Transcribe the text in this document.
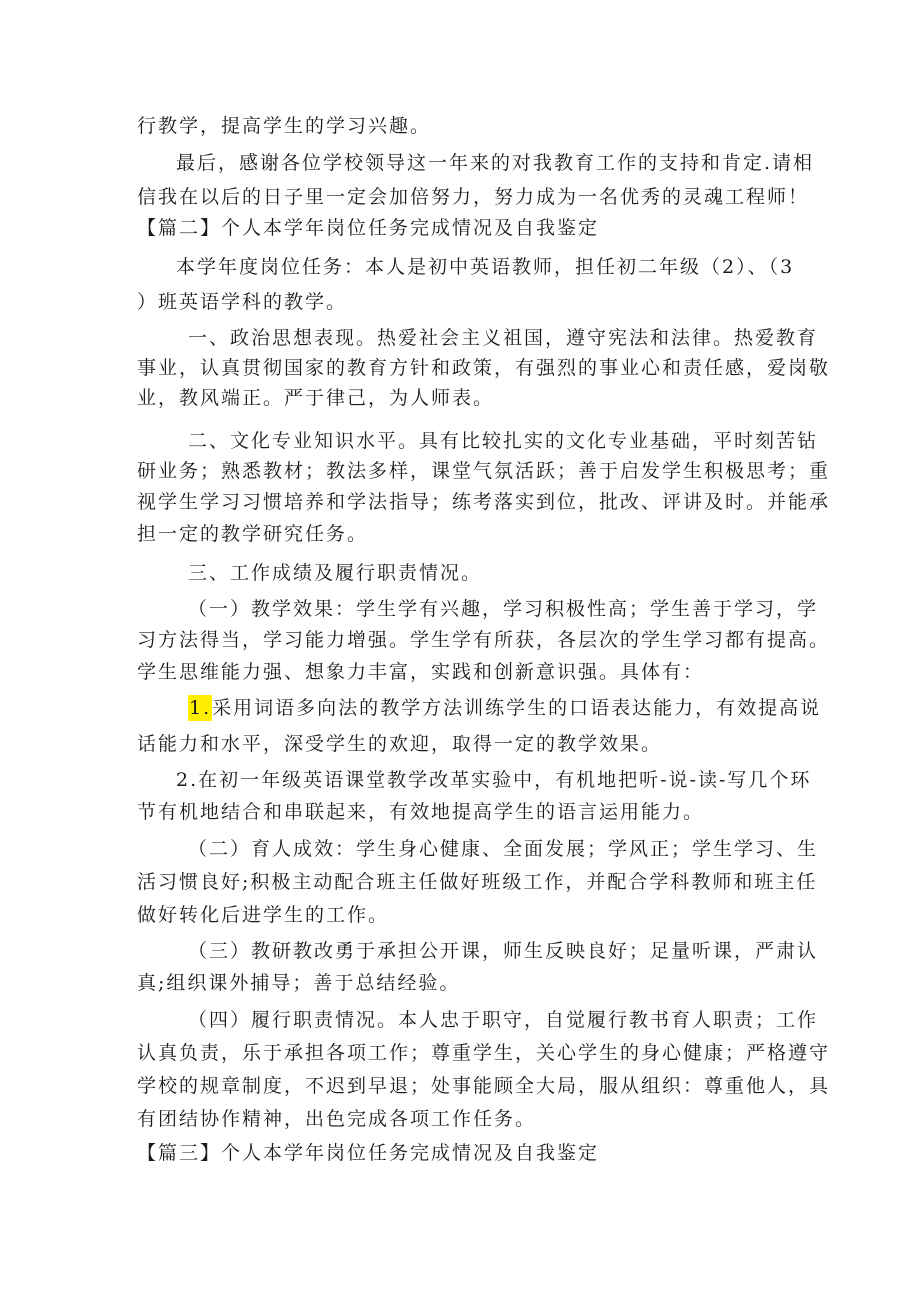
行教学，提高学生的学习兴趣。
最后，感谢各位学校领导这一年来的对我教育工作的支持和肯定.请相
信我在以后的日子里一定会加倍努力，努力成为一名优秀的灵魂工程师！
【篇二】个人本学年岗位任务完成情况及自我鉴定
本学年度岗位任务：本人是初中英语教师，担任初二年级（2）、（3
）班英语学科的教学。
一、政治思想表现。热爱社会主义祖国，遵守宪法和法律。热爱教育
事业，认真贯彻国家的教育方针和政策，有强烈的事业心和责任感，爱岗敬
业，教风端正。严于律己，为人师表。
二、文化专业知识水平。具有比较扎实的文化专业基础，平时刻苦钻
研业务；熟悉教材；教法多样，课堂气氛活跃；善于启发学生积极思考；重
视学生学习习惯培养和学法指导；练考落实到位，批改、评讲及时。并能承
担一定的教学研究任务。
三、工作成绩及履行职责情况。
（一）教学效果：学生学有兴趣，学习积极性高；学生善于学习，学
习方法得当，学习能力增强。学生学有所获，各层次的学生学习都有提高。
学生思维能力强、想象力丰富，实践和创新意识强。具体有：
1.采用词语多向法的教学方法训练学生的口语表达能力，有效提高说
话能力和水平，深受学生的欢迎，取得一定的教学效果。
2.在初一年级英语课堂教学改革实验中，有机地把听-说-读-写几个环
节有机地结合和串联起来，有效地提高学生的语言运用能力。
（二）育人成效：学生身心健康、全面发展；学风正；学生学习、生
活习惯良好;积极主动配合班主任做好班级工作，并配合学科教师和班主任
做好转化后进学生的工作。
（三）教研教改勇于承担公开课，师生反映良好；足量听课，严肃认
真;组织课外捕导；善于总结经验。
（四）履行职责情况。本人忠于职守，自觉履行教书育人职责；工作
认真负责，乐于承担各项工作；尊重学生，关心学生的身心健康；严格遵守
学校的规章制度，不迟到早退；处事能顾全大局，服从组织：尊重他人，具
有团结协作精神，出色完成各项工作任务。
【篇三】个人本学年岗位任务完成情况及自我鉴定
